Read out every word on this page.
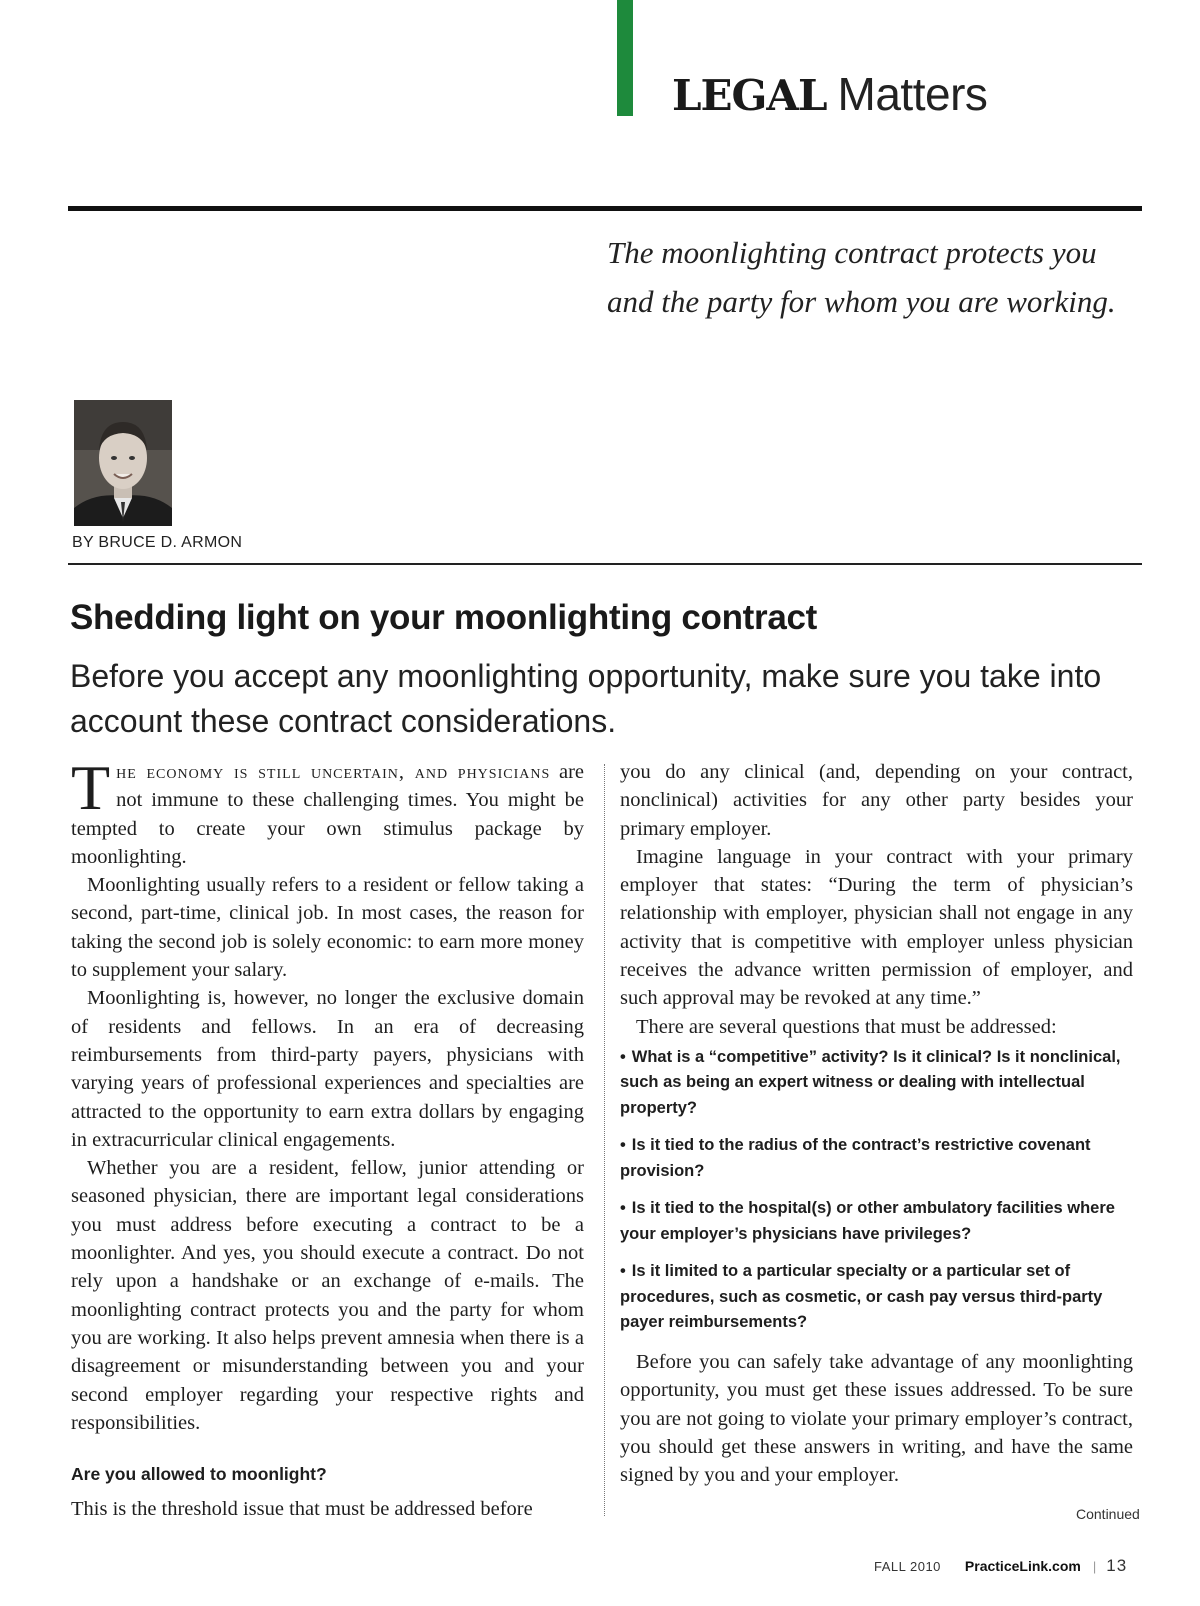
LEGAL Matters
The moonlighting contract protects you
and the party for whom you are working.
BY BRUCE D. ARMON
Shedding light on your moonlighting contract
Before you accept any moonlighting opportunity, make sure you take into account these contract considerations.

The economy is still uncertain, and physicians are not immune to these challenging times. You might be tempted to create your own stimulus package by moonlighting.

Moonlighting usually refers to a resident or fellow taking a second, part-time, clinical job. In most cases, the reason for taking the second job is solely economic: to earn more money to supplement your salary.

Moonlighting is, however, no longer the exclusive domain of residents and fellows. In an era of decreasing reimbursements from third-party payers, physicians with varying years of professional experiences and specialties are attracted to the opportunity to earn extra dollars by engaging in extracurricular clinical engagements.

Whether you are a resident, fellow, junior attending or seasoned physician, there are important legal considerations you must address before executing a contract to be a moonlighter. And yes, you should execute a contract. Do not rely upon a handshake or an exchange of e-mails. The moonlighting contract protects you and the party for whom you are working. It also helps prevent amnesia when there is a disagreement or misunderstanding between you and your second employer regarding your respective rights and responsibilities.

Are you allowed to moonlight?

This is the threshold issue that must be addressed before

you do any clinical (and, depending on your contract, nonclinical) activities for any other party besides your primary employer.

Imagine language in your contract with your primary employer that states: “During the term of physician’s relationship with employer, physician shall not engage in any activity that is competitive with employer unless physician receives the advance written permission of employer, and such approval may be revoked at any time.”

There are several questions that must be addressed:

• What is a “competitive” activity? Is it clinical? Is it nonclinical, such as being an expert witness or dealing with intellectual property?
• Is it tied to the radius of the contract’s restrictive covenant provision?
• Is it tied to the hospital(s) or other ambulatory facilities where your employer’s physicians have privileges?
• Is it limited to a particular specialty or a particular set of procedures, such as cosmetic, or cash pay versus third-party payer reimbursements?

Before you can safely take advantage of any moonlighting opportunity, you must get these issues addressed. To be sure you are not going to violate your primary employer’s contract, you should get these answers in writing, and have the same signed by you and your employer.

Continued
FALL 2010 PracticeLink.com | 13
